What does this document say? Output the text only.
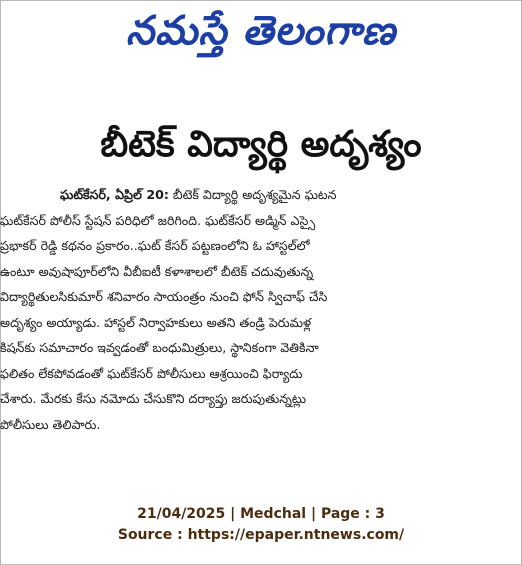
నమస్తే తెలంగాణ
బీటెక్ విద్యార్థి అదృశ్యం
ఘట్‌కేసర్, ఏప్రిల్ 20: బీటెక్ విద్యార్థి అదృశ్యమైన ఘటన
ఘట్‌కేసర్ పోలీస్ స్టేషన్ పరిధిలో జరిగింది. ఘట్‌కేసర్ అడ్మిన్ ఎస్సై
ప్రభాకర్ రెడ్డి కథనం ప్రకారం..ఘట్ కేసర్ పట్టణంలోని ఓ హాస్టల్‌లో
ఉంటూ అవుషాపూర్‌లోని వీబీఐటీ కళాశాలలో బీటెక్ చదువుతున్న
విద్యార్థితులసికుమార్ శనివారం సాయంత్రం నుంచి ఫోన్ స్విచాఫ్ చేసి
అదృశ్యం అయ్యాడు. హాస్టల్ నిర్వాహకులు అతని తండ్రి పెరుమళ్ల
కిషన్‌కు సమాచారం ఇవ్వడంతో బంధుమిత్రులు, స్థానికంగా వెతికినా
ఫలితం లేకపోవడంతో ఘట్‌కేసర్ పోలీసులు ఆశ్రయించి ఫిర్యాదు
చేశారు. మేరకు కేసు నమోదు చేసుకొని దర్యాప్తు జరుపుతున్నట్లు
పోలీసులు తెలిపారు.
21/04/2025 | Medchal | Page : 3
Source : https://epaper.ntnews.com/
